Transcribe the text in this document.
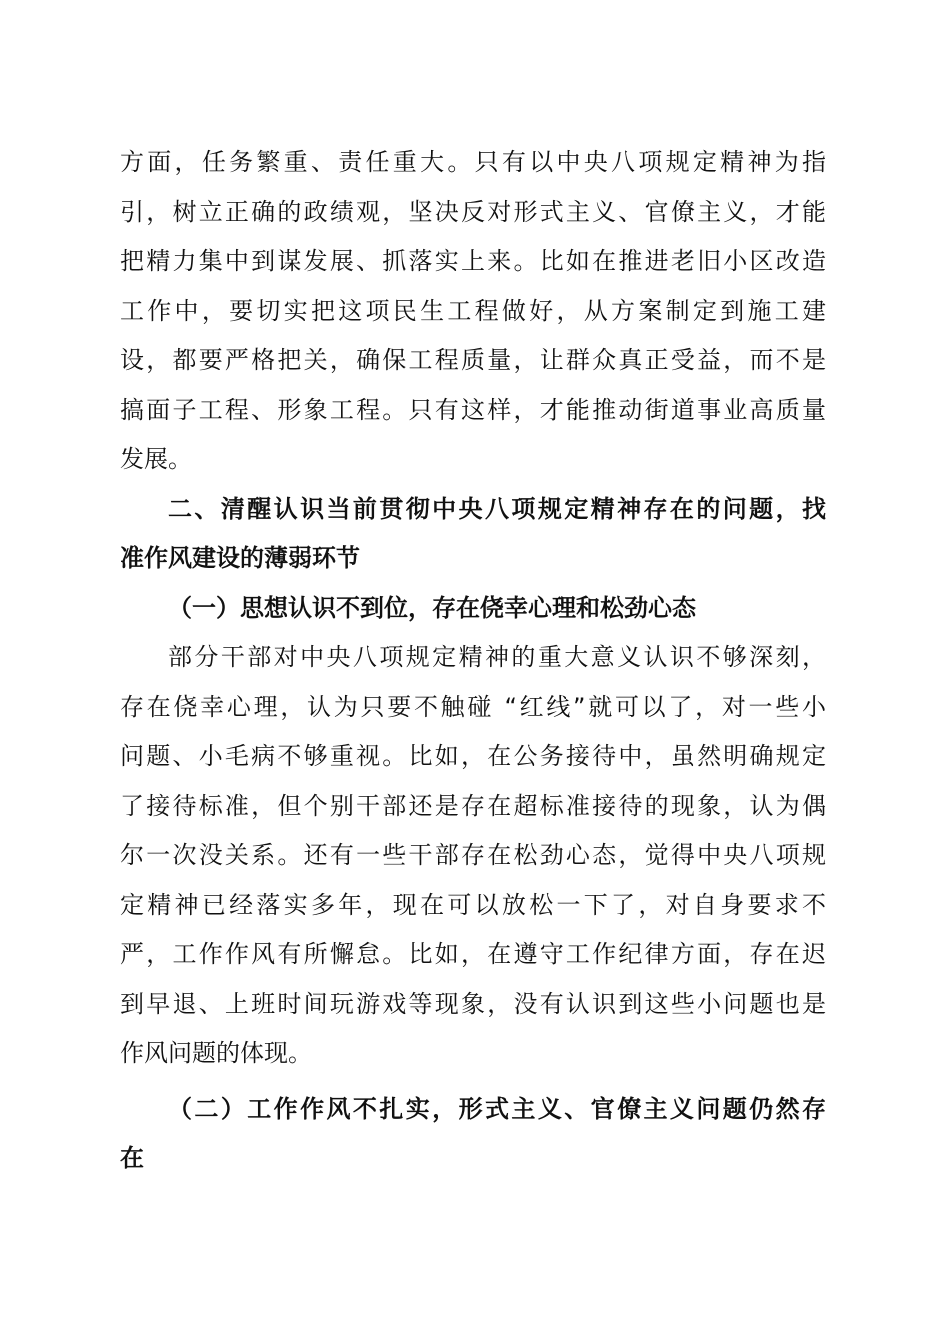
方面，任务繁重、责任重大。只有以中央八项规定精神为指
引，树立正确的政绩观，坚决反对形式主义、官僚主义，才能
把精力集中到谋发展、抓落实上来。比如在推进老旧小区改造
工作中，要切实把这项民生工程做好，从方案制定到施工建
设，都要严格把关，确保工程质量，让群众真正受益，而不是
搞面子工程、形象工程。只有这样，才能推动街道事业高质量
发展。
二、清醒认识当前贯彻中央八项规定精神存在的问题，找
准作风建设的薄弱环节
（一）思想认识不到位，存在侥幸心理和松劲心态
部分干部对中央八项规定精神的重大意义认识不够深刻，
存在侥幸心理，认为只要不触碰 “红线”就可以了，对一些小
问题、小毛病不够重视。比如，在公务接待中，虽然明确规定
了接待标准，但个别干部还是存在超标准接待的现象，认为偶
尔一次没关系。还有一些干部存在松劲心态，觉得中央八项规
定精神已经落实多年，现在可以放松一下了，对自身要求不
严，工作作风有所懈怠。比如，在遵守工作纪律方面，存在迟
到早退、上班时间玩游戏等现象，没有认识到这些小问题也是
作风问题的体现。
（二）工作作风不扎实，形式主义、官僚主义问题仍然存
在
